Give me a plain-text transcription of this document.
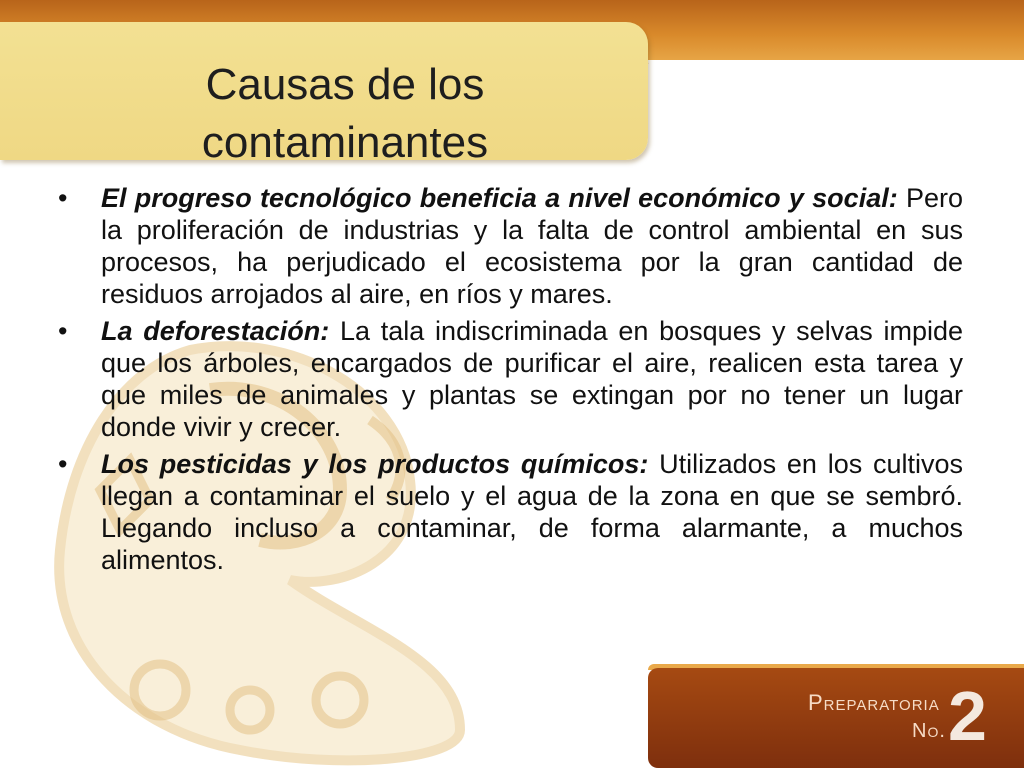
Causas de los
contaminantes
• El progreso tecnológico beneficia a nivel económico y social: Pero la proliferación de industrias y la falta de control ambiental en sus procesos, ha perjudicado el ecosistema por la gran cantidad de residuos arrojados al aire, en ríos y mares.
• La deforestación: La tala indiscriminada en bosques y selvas impide que los árboles, encargados de purificar el aire, realicen esta tarea y que miles de animales y plantas se extingan por no tener un lugar donde vivir y crecer.
• Los pesticidas y los productos químicos: Utilizados en los cultivos llegan a contaminar el suelo y el agua de la zona en que se sembró. Llegando incluso a contaminar, de forma alarmante, a muchos alimentos.
Preparatoria
No. 2
